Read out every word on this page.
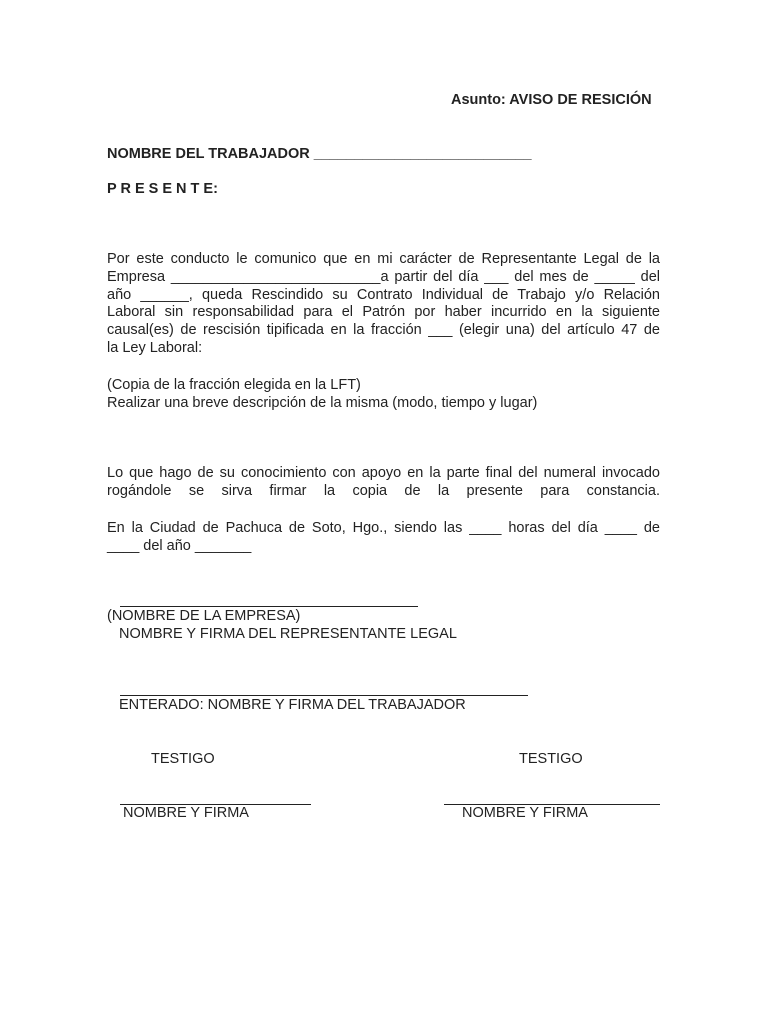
Asunto: AVISO DE RESICIÓN
NOMBRE DEL TRABAJADOR ___________________________
P R E S E N T E:
Por este conducto le comunico que en mi carácter de Representante Legal de la
Empresa __________________________a partir del día ___ del mes de _____ del
año ______, queda Rescindido su Contrato Individual de Trabajo y/o Relación
Laboral sin responsabilidad para el Patrón por haber incurrido en la siguiente
causal(es) de rescisión tipificada en la fracción ___ (elegir una) del artículo 47 de
la Ley Laboral:
(Copia de la fracción elegida en la LFT)
Realizar una breve descripción de la misma (modo, tiempo y lugar)
Lo que hago de su conocimiento con apoyo en la parte final del numeral invocado
rogándole se sirva firmar la copia de la presente para constancia.
En la Ciudad de Pachuca de Soto, Hgo., siendo las ____ horas del día ____ de
____ del año _______
(NOMBRE DE LA EMPRESA)
NOMBRE Y FIRMA DEL REPRESENTANTE LEGAL
ENTERADO: NOMBRE Y FIRMA DEL TRABAJADOR
TESTIGO
NOMBRE Y FIRMA
TESTIGO
NOMBRE Y FIRMA
